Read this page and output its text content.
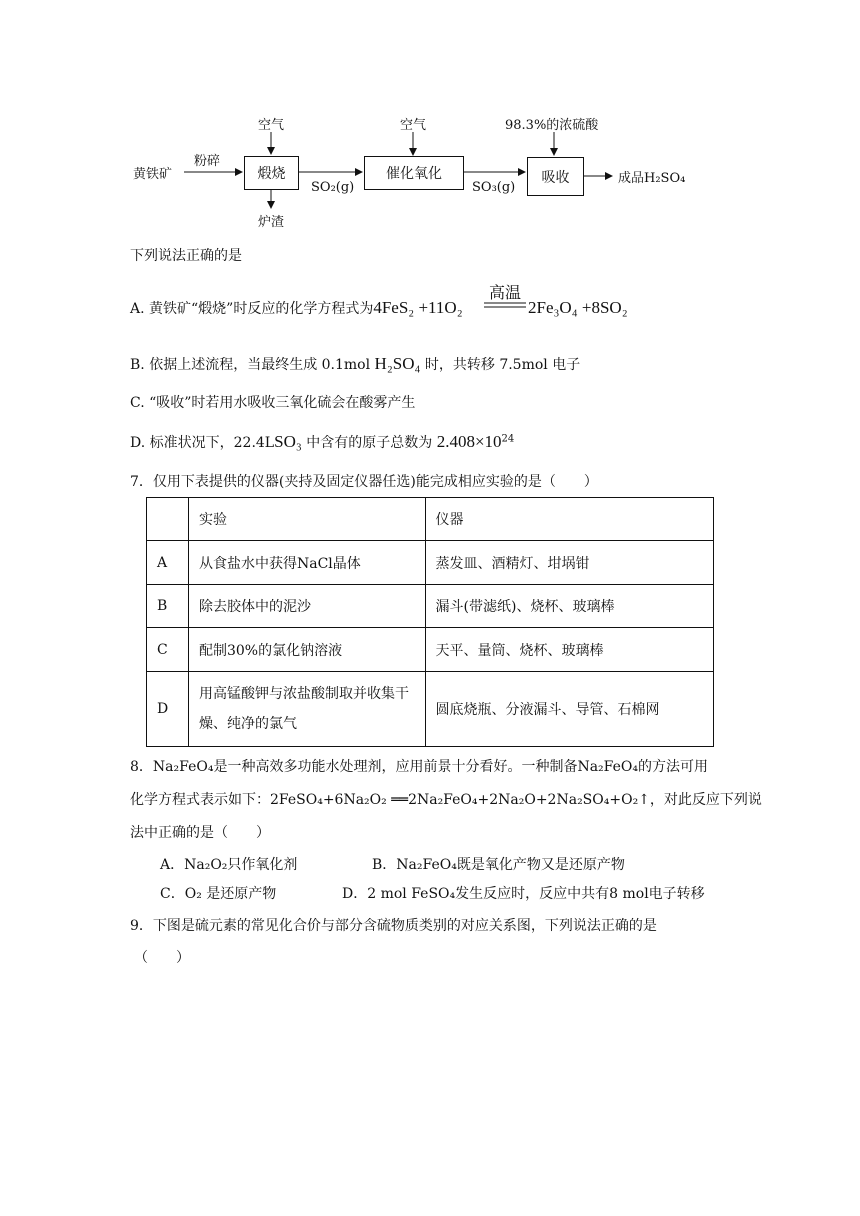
黄铁矿
粉碎
空气
煅烧
炉渣
SO₂(g)
空气
催化氧化
SO₃(g)
98.3%的浓硫酸
吸收	成品H₂SO₄
下列说法正确的是
A. 黄铁矿“煅烧”时反应的化学方程式为4FeS₂ +11O₂
高温
2Fe₃O₄ +8SO₂
B. 依据上述流程，当最终生成 0.1mol H₂SO₄ 时，共转移 7.5mol 电子
C. “吸收”时若用水吸收三氧化硫会在酸雾产生
D. 标准状况下，22.4LSO₃ 中含有的原子总数为 $2.408\times 10^{24}$
7．仅用下表提供的仪器(夹持及固定仪器任选)能完成相应实验的是（　　）
	实验	仪器
A	从食盐水中获得NaCl晶体	蒸发皿、酒精灯、坩埚钳
B	除去胶体中的泥沙	漏斗(带滤纸)、烧杯、玻璃棒
C	配制30%的氯化钠溶液	天平、量筒、烧杯、玻璃棒
D	用高锰酸钾与浓盐酸制取并收集干燥、纯净的氯气	圆底烧瓶、分液漏斗、导管、石棉网
8．Na₂FeO₄是一种高效多功能水处理剂，应用前景十分看好。一种制备Na₂FeO₄的方法可用
化学方程式表示如下：2FeSO₄+6Na₂O₂ ══2Na₂FeO₄+2Na₂O+2Na₂SO₄+O₂↑，对此反应下列说
法中正确的是（　　）
A．Na₂O₂只作氧化剂	B．Na₂FeO₄既是氧化产物又是还原产物
C．O₂ 是还原产物	D．2 mol FeSO₄发生反应时，反应中共有8 mol电子转移
9．下图是硫元素的常见化合价与部分含硫物质类别的对应关系图，下列说法正确的是
（　　）
